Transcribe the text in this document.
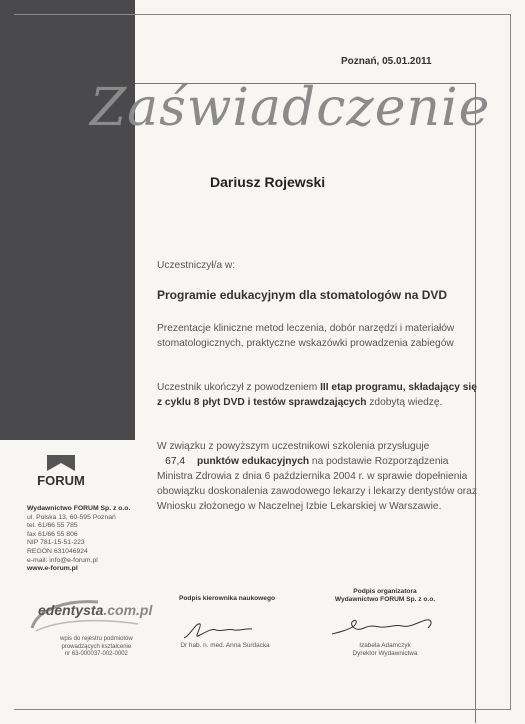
Poznań, 05.01.2011
Zaświadczenie
Dariusz Rojewski
Uczestniczył/a w:
Programie edukacyjnym dla stomatologów na DVD
Prezentacje kliniczne metod leczenia, dobór narzędzi i materiałów stomatologicznych, praktyczne wskazówki prowadzenia zabiegów
Uczestnik ukończył z powodzeniem III etap programu, składający się z cyklu 8 płyt DVD i testów sprawdzających zdobytą wiedzę.
W związku z powyższym uczestnikowi szkolenia przysługuje
67,4 punktów edukacyjnych na podstawie Rozporządzenia Ministra Zdrowia z dnia 6 października 2004 r. w sprawie dopełnienia obowiązku doskonalenia zawodowego lekarzy i lekarzy dentystów oraz Wniosku złożonego w Naczelnej Izbie Lekarskiej w Warszawie.
FORUM
Wydawnictwo FORUM Sp. z o.o.
ul. Polska 13, 60-595 Poznań
tel. 61/66 55 785
fax 61/66 55 806
NIP 781-15-51-223
REGON 631046924
e-mail: info@e-forum.pl
www.e-forum.pl
edentysta.com.pl
wpis do rejestru podmiotów
prowadzących kształcenie
nr 63-000037-002-0002
Podpis kierownika naukowego
Dr hab. n. med. Anna Surdacka
Podpis organizatora
Wydawnictwo FORUM Sp. z o.o.
Izabela Adamczyk
Dyrektor Wydawnictwa
